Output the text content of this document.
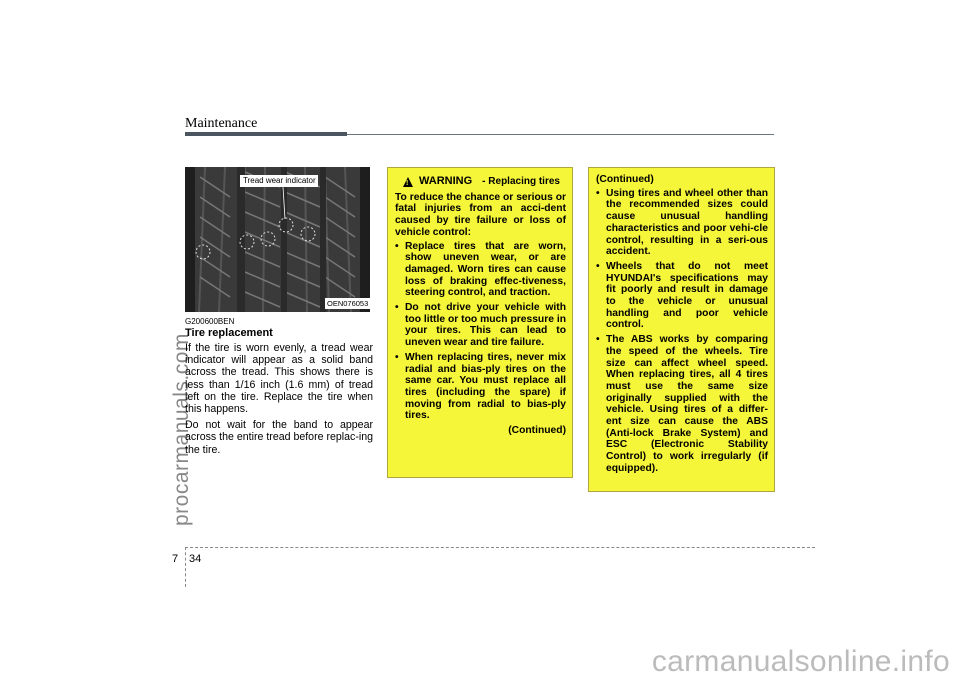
Maintenance
procarmanuals.com
Tread wear indicator
OEN076053
G200600BEN
Tire replacement

If the tire is worn evenly, a tread wear indicator will appear as a solid band across the tread. This shows there is less than 1/16 inch (1.6 mm) of tread left on the tire. Replace the tire when this happens.

Do not wait for the band to appear across the entire tread before replac-ing the tire.

!
WARNING	- Replacing tires
To reduce the chance or serious or fatal injuries from an acci-dent caused by tire failure or loss of vehicle control:
• Replace tires that are worn, show uneven wear, or are damaged. Worn tires can cause loss of braking effec-tiveness, steering control, and traction.
• Do not drive your vehicle with too little or too much pressure in your tires. This can lead to uneven wear and tire failure.
• When replacing tires, never mix radial and bias-ply tires on the same car. You must replace all tires (including the spare) if moving from radial to bias-ply tires.
(Continued)
(Continued)
• Using tires and wheel other than the recommended sizes could cause unusual handling characteristics and poor vehi-cle control, resulting in a seri-ous accident.
• Wheels that do not meet HYUNDAI's specifications may fit poorly and result in damage to the vehicle or unusual handling and poor vehicle control.
• The ABS works by comparing the speed of the wheels. Tire size can affect wheel speed. When replacing tires, all 4 tires must use the same size originally supplied with the vehicle. Using tires of a differ-ent size can cause the ABS (Anti-lock Brake System) and ESC (Electronic Stability Control) to work irregularly (if equipped).
7 34
carmanualsonline.info
